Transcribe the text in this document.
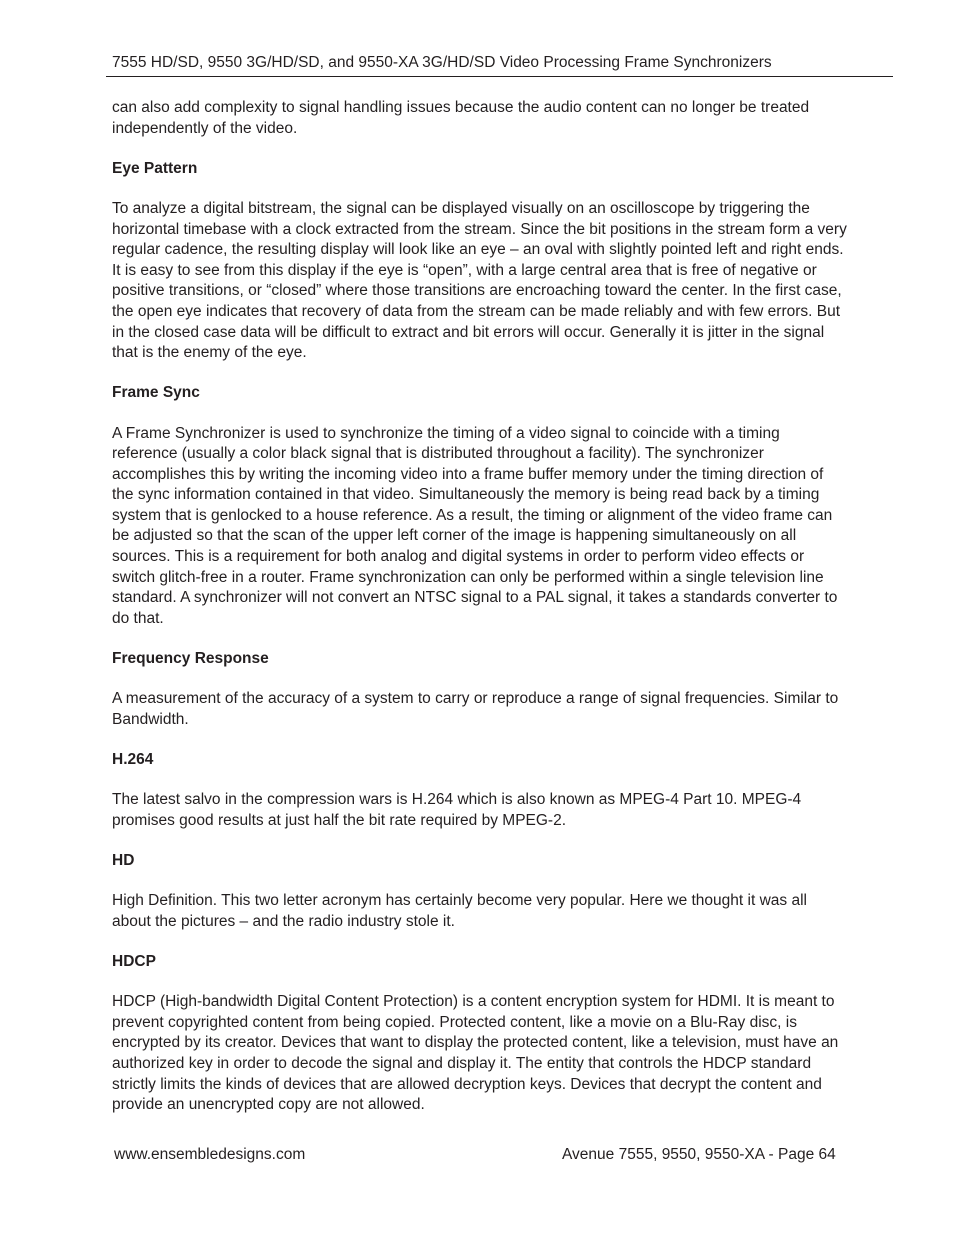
7555 HD/SD, 9550 3G/HD/SD, and 9550-XA 3G/HD/SD Video Processing Frame Synchronizers

can also add complexity to signal handling issues because the audio content can no longer be treated independently of the video.

Eye Pattern

To analyze a digital bitstream, the signal can be displayed visually on an oscilloscope by triggering the horizontal timebase with a clock extracted from the stream. Since the bit positions in the stream form a very regular cadence, the resulting display will look like an eye – an oval with slightly pointed left and right ends. It is easy to see from this display if the eye is “open”, with a large central area that is free of negative or positive transitions, or “closed” where those transitions are encroaching toward the center. In the first case, the open eye indicates that recovery of data from the stream can be made reliably and with few errors. But in the closed case data will be difficult to extract and bit errors will occur. Generally it is jitter in the signal that is the enemy of the eye.

Frame Sync

A Frame Synchronizer is used to synchronize the timing of a video signal to coincide with a timing reference (usually a color black signal that is distributed throughout a facility). The synchronizer accomplishes this by writing the incoming video into a frame buffer memory under the timing direction of the sync information contained in that video. Simultaneously the memory is being read back by a timing system that is genlocked to a house reference. As a result, the timing or alignment of the video frame can be adjusted so that the scan of the upper left corner of the image is happening simultaneously on all sources. This is a requirement for both analog and digital systems in order to perform video effects or switch glitch-free in a router. Frame synchronization can only be performed within a single television line standard. A synchronizer will not convert an NTSC signal to a PAL signal, it takes a standards converter to do that.

Frequency Response

A measurement of the accuracy of a system to carry or reproduce a range of signal frequencies. Similar to Bandwidth.

H.264

The latest salvo in the compression wars is H.264 which is also known as MPEG-4 Part 10. MPEG-4 promises good results at just half the bit rate required by MPEG-2.

HD

High Definition. This two letter acronym has certainly become very popular. Here we thought it was all about the pictures – and the radio industry stole it.

HDCP

HDCP (High-bandwidth Digital Content Protection) is a content encryption system for HDMI. It is meant to prevent copyrighted content from being copied. Protected content, like a movie on a Blu-Ray disc, is encrypted by its creator. Devices that want to display the protected content, like a television, must have an authorized key in order to decode the signal and display it. The entity that controls the HDCP standard strictly limits the kinds of devices that are allowed decryption keys. Devices that decrypt the content and provide an unencrypted copy are not allowed.

www.ensembledesigns.com	Avenue 7555, 9550, 9550-XA - Page 64
